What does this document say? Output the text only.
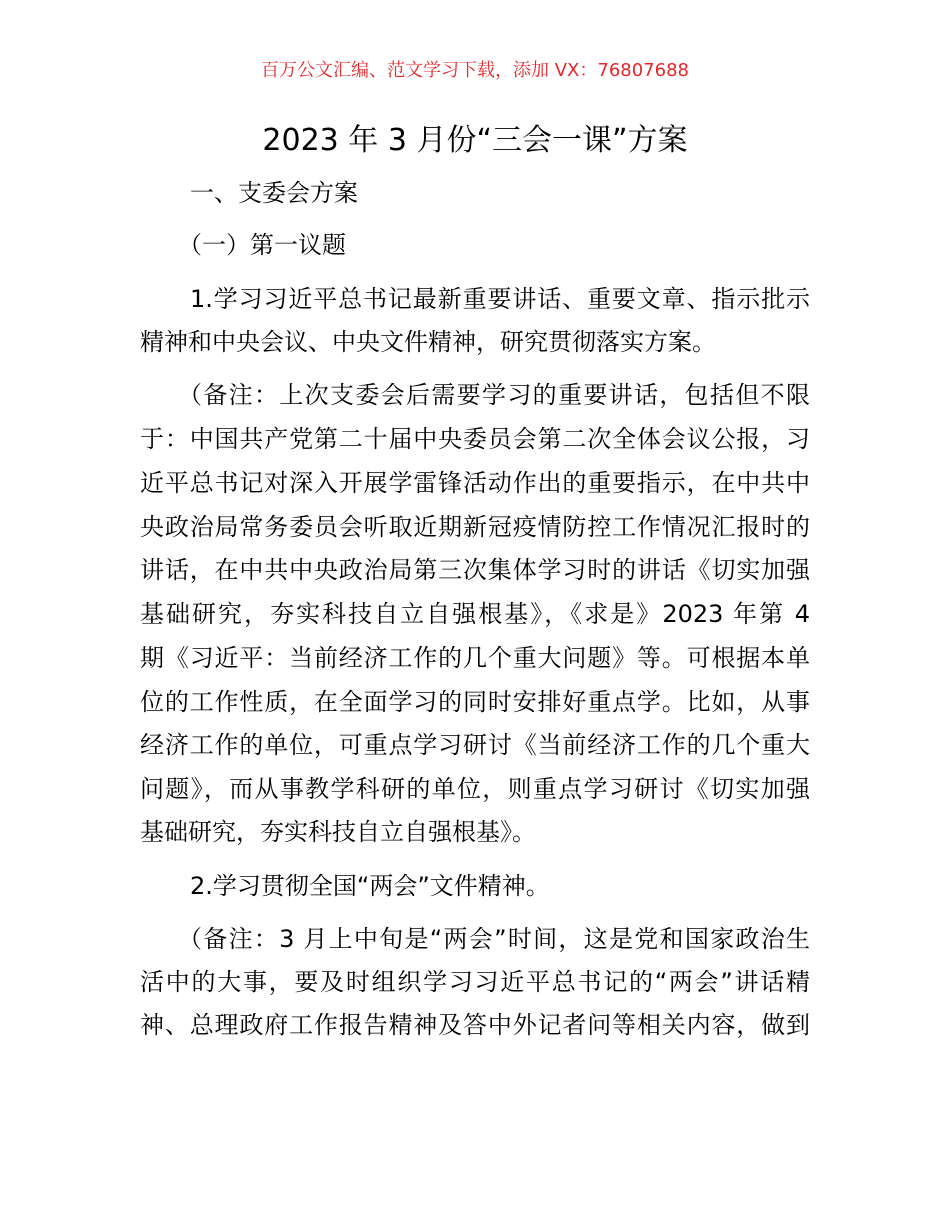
百万公文汇编、范文学习下载，添加 VX：76807688
2023 年 3 月份“三会一课”方案
一、支委会方案
（一）第一议题
1.学习习近平总书记最新重要讲话、重要文章、指示批示
精神和中央会议、中央文件精神，研究贯彻落实方案。
（备注：上次支委会后需要学习的重要讲话，包括但不限
于：中国共产党第二十届中央委员会第二次全体会议公报，习
近平总书记对深入开展学雷锋活动作出的重要指示，在中共中
央政治局常务委员会听取近期新冠疫情防控工作情况汇报时的
讲话，在中共中央政治局第三次集体学习时的讲话《切实加强
基础研究，夯实科技自立自强根基》，《求是》2023 年第 4
期《习近平：当前经济工作的几个重大问题》等。可根据本单
位的工作性质，在全面学习的同时安排好重点学。比如，从事
经济工作的单位，可重点学习研讨《当前经济工作的几个重大
问题》，而从事教学科研的单位，则重点学习研讨《切实加强
基础研究，夯实科技自立自强根基》。
2.学习贯彻全国“两会”文件精神。
（备注：3 月上中旬是“两会”时间，这是党和国家政治生
活中的大事，要及时组织学习习近平总书记的“两会”讲话精
神、总理政府工作报告精神及答中外记者问等相关内容，做到
